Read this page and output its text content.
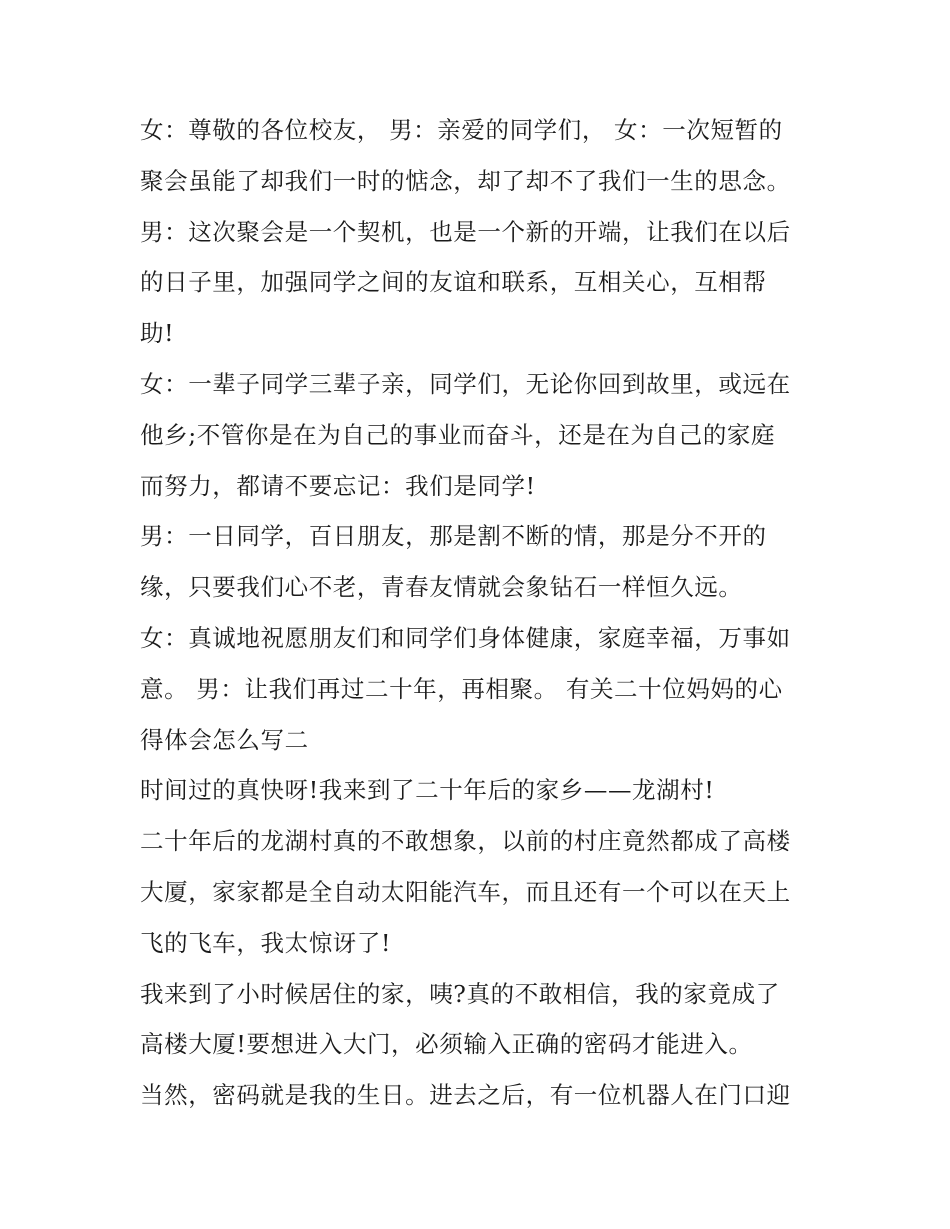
女：尊敬的各位校友， 男：亲爱的同学们， 女：一次短暂的
聚会虽能了却我们一时的惦念，却了却不了我们一生的思念。
男：这次聚会是一个契机，也是一个新的开端，让我们在以后
的日子里，加强同学之间的友谊和联系，互相关心，互相帮
助!
女：一辈子同学三辈子亲，同学们，无论你回到故里，或远在
他乡;不管你是在为自己的事业而奋斗，还是在为自己的家庭
而努力，都请不要忘记：我们是同学!
男：一日同学，百日朋友，那是割不断的情，那是分不开的
缘，只要我们心不老，青春友情就会象钻石一样恒久远。
女：真诚地祝愿朋友们和同学们身体健康，家庭幸福，万事如
意。 男：让我们再过二十年，再相聚。 有关二十位妈妈的心
得体会怎么写二
时间过的真快呀!我来到了二十年后的家乡——龙湖村!
二十年后的龙湖村真的不敢想象，以前的村庄竟然都成了高楼
大厦，家家都是全自动太阳能汽车，而且还有一个可以在天上
飞的飞车，我太惊讶了!
我来到了小时候居住的家，咦?真的不敢相信，我的家竟成了
高楼大厦!要想进入大门，必须输入正确的密码才能进入。
当然，密码就是我的生日。进去之后，有一位机器人在门口迎
